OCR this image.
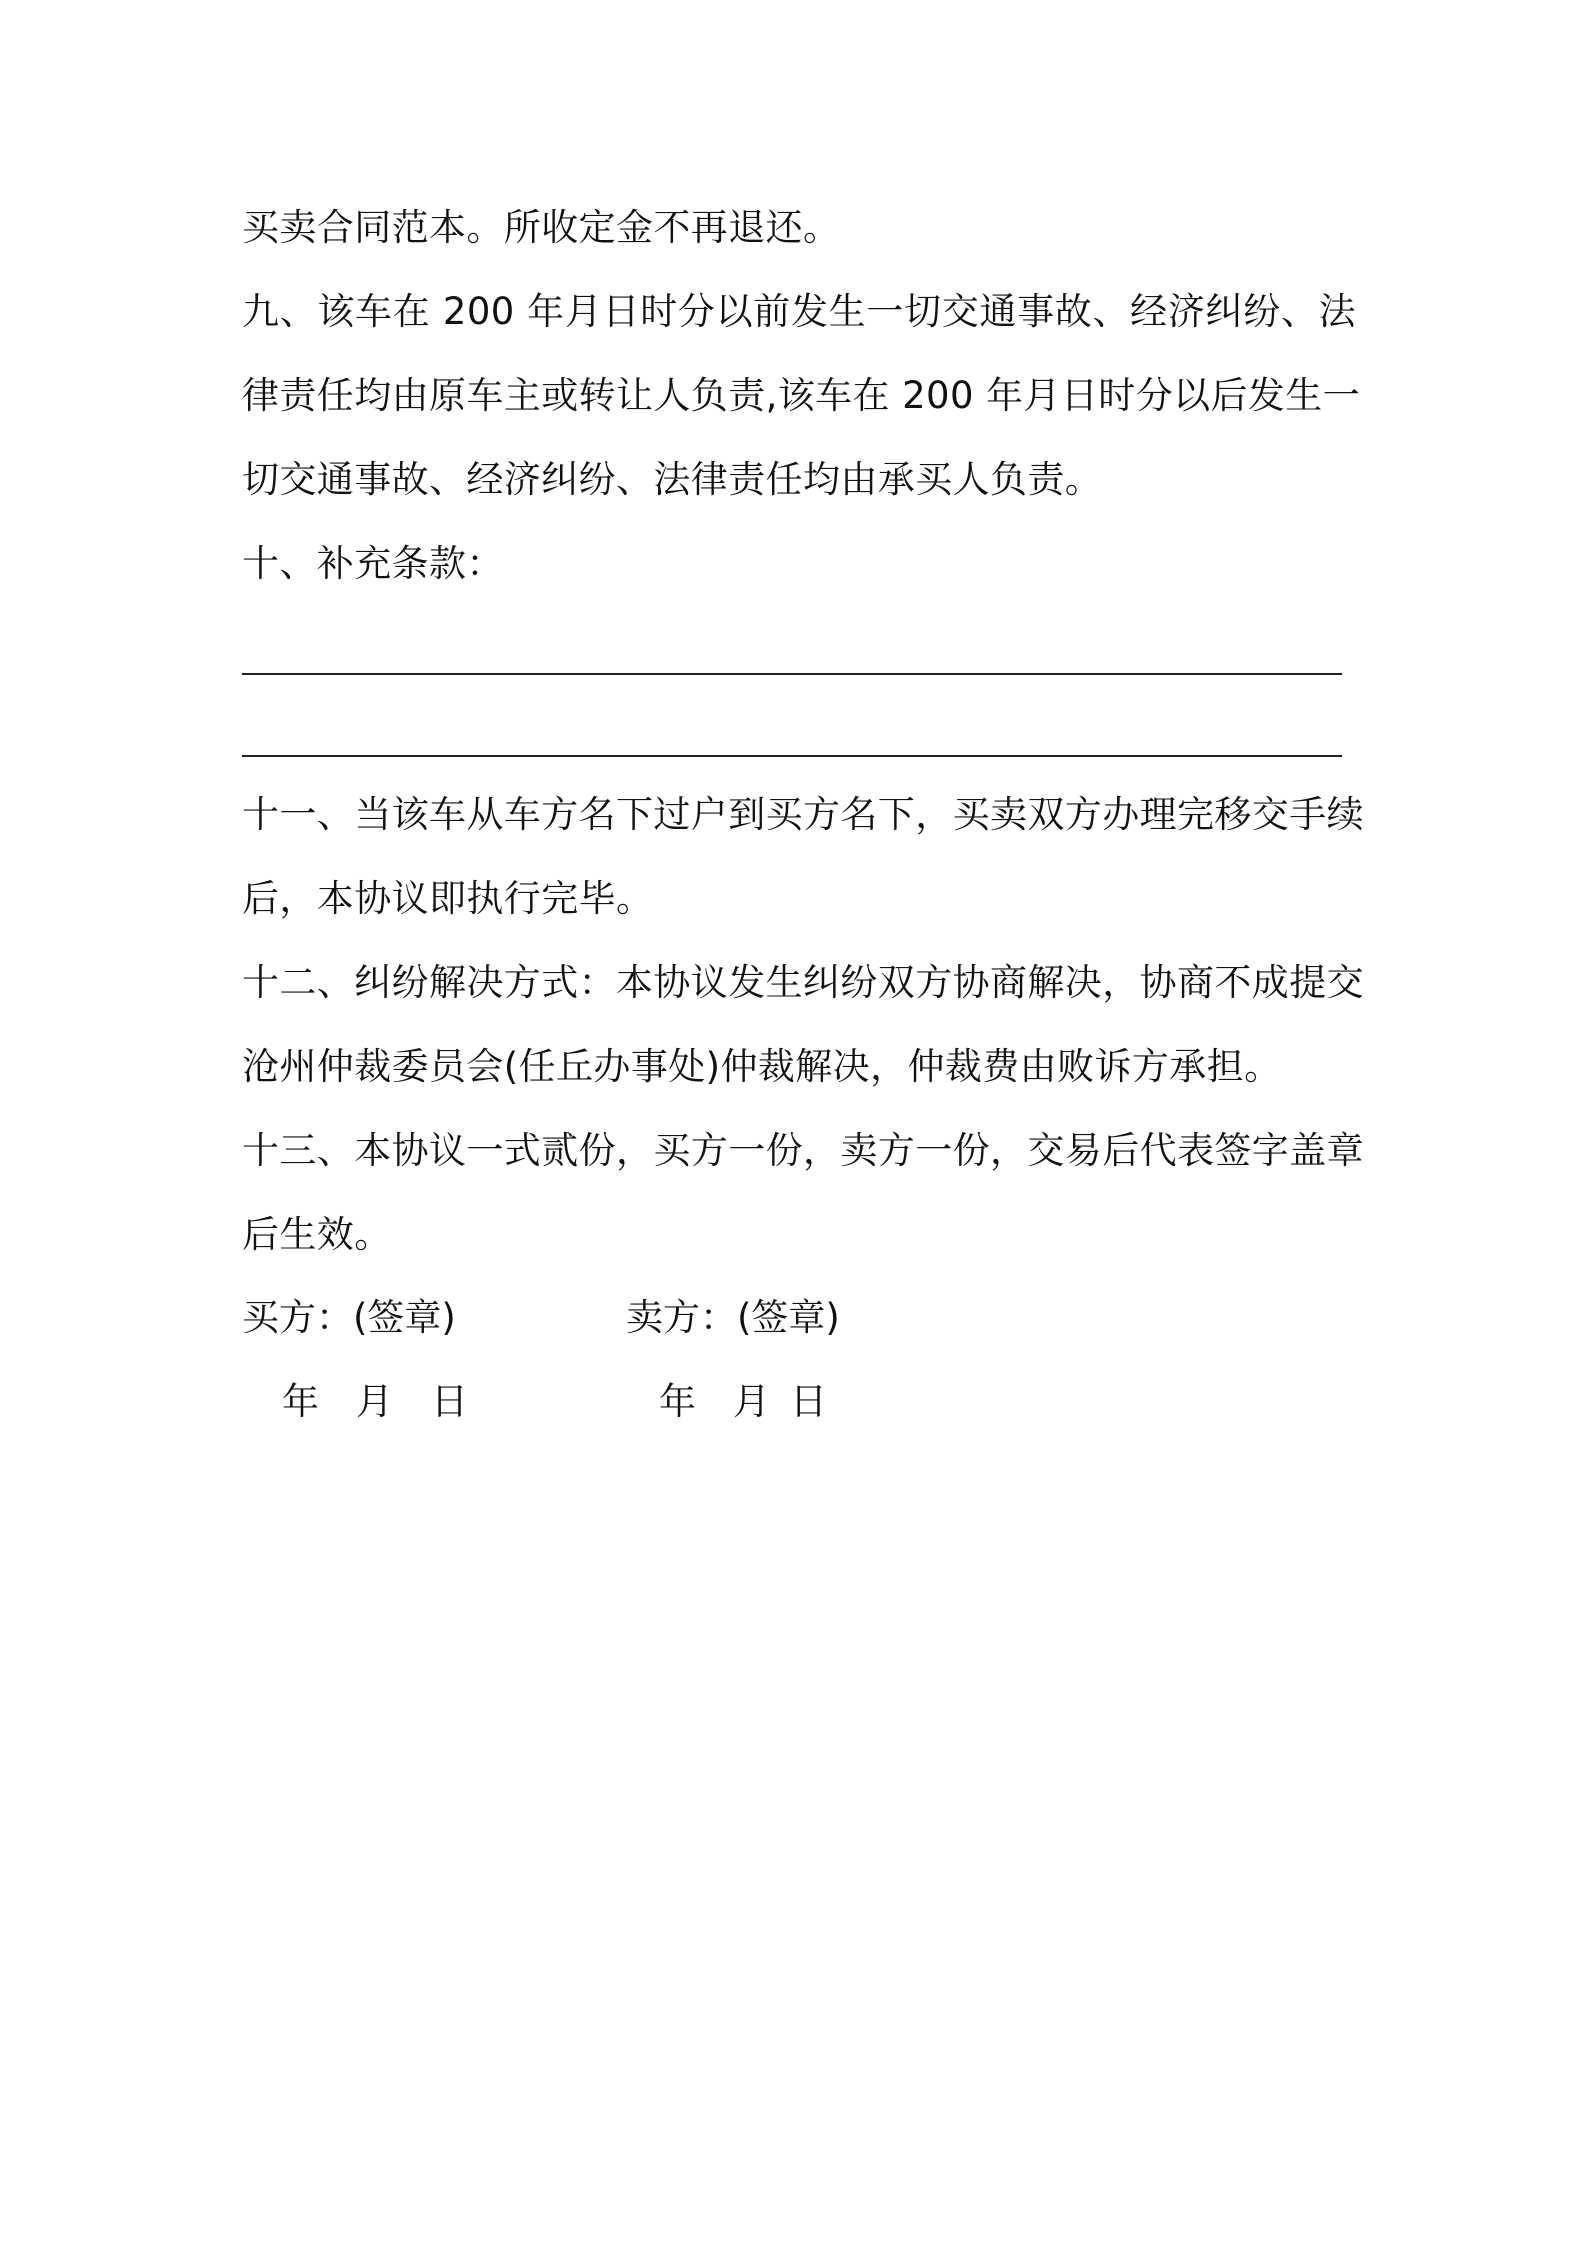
买卖合同范本。所收定金不再退还。
九、该车在 200 年月日时分以前发生一切交通事故、经济纠纷、法
律责任均由原车主或转让人负责,该车在 200 年月日时分以后发生一
切交通事故、经济纠纷、法律责任均由承买人负责。
十、补充条款：
十一、当该车从车方名下过户到买方名下，买卖双方办理完移交手续
后，本协议即执行完毕。
十二、纠纷解决方式：本协议发生纠纷双方协商解决，协商不成提交
沧州仲裁委员会(任丘办事处)仲裁解决，仲裁费由败诉方承担。
十三、本协议一式贰份，买方一份，卖方一份，交易后代表签字盖章
后生效。
买方：(签章)	卖方：(签章)
年 月 日	年 月 日
